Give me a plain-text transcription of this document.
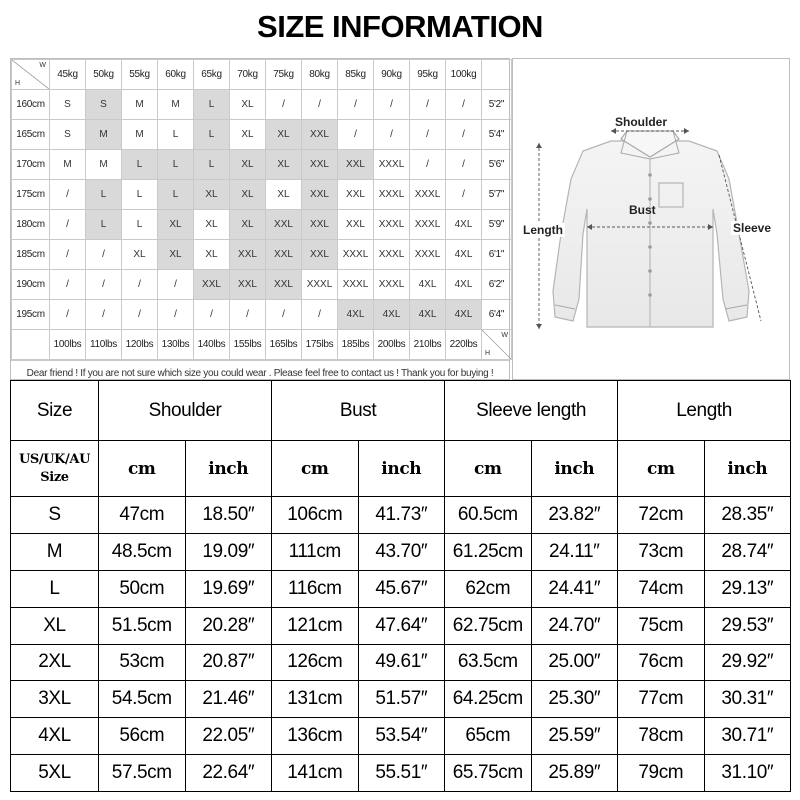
SIZE INFORMATION
W
H	45kg	50kg	55kg	60kg	65kg	70kg	75kg	80kg	85kg	90kg	95kg	100kg	
160cm	S	S	M	M	L	XL	/	/	/	/	/	/	5'2"
165cm	S	M	M	L	L	XL	XL	XXL	/	/	/	/	5'4"
170cm	M	M	L	L	L	XL	XL	XXL	XXL	XXXL	/	/	5'6"
175cm	/	L	L	L	XL	XL	XL	XXL	XXL	XXXL	XXXL	/	5'7"
180cm	/	L	L	XL	XL	XL	XXL	XXL	XXL	XXXL	XXXL	4XL	5'9"
185cm	/	/	XL	XL	XL	XXL	XXL	XXL	XXXL	XXXL	XXXL	4XL	6'1"
190cm	/	/	/	/	XXL	XXL	XXL	XXXL	XXXL	XXXL	4XL	4XL	6'2"
195cm	/	/	/	/	/	/	/	/	4XL	4XL	4XL	4XL	6'4"
	100lbs	110lbs	120lbs	130lbs	140lbs	155lbs	165lbs	175lbs	185lbs	200lbs	210lbs	220lbs	W
H
Dear friend ! If you are not sure which size you could wear . Please feel free to contact us ! Thank you for buying !
Shoulder
Bust
Length	Sleeve
Size	Shoulder		Bust		Sleeve length		Length	
US/UK/AU Size	cm	inch	cm	inch	cm	inch	cm	inch
S	47cm	18.50″	106cm	41.73″	60.5cm	23.82″	72cm	28.35″
M	48.5cm	19.09″	111cm	43.70″	61.25cm	24.11″	73cm	28.74″
L	50cm	19.69″	116cm	45.67″	62cm	24.41″	74cm	29.13″
XL	51.5cm	20.28″	121cm	47.64″	62.75cm	24.70″	75cm	29.53″
2XL	53cm	20.87″	126cm	49.61″	63.5cm	25.00″	76cm	29.92″
3XL	54.5cm	21.46″	131cm	51.57″	64.25cm	25.30″	77cm	30.31″
4XL	56cm	22.05″	136cm	53.54″	65cm	25.59″	78cm	30.71″
5XL	57.5cm	22.64″	141cm	55.51″	65.75cm	25.89″	79cm	31.10″
